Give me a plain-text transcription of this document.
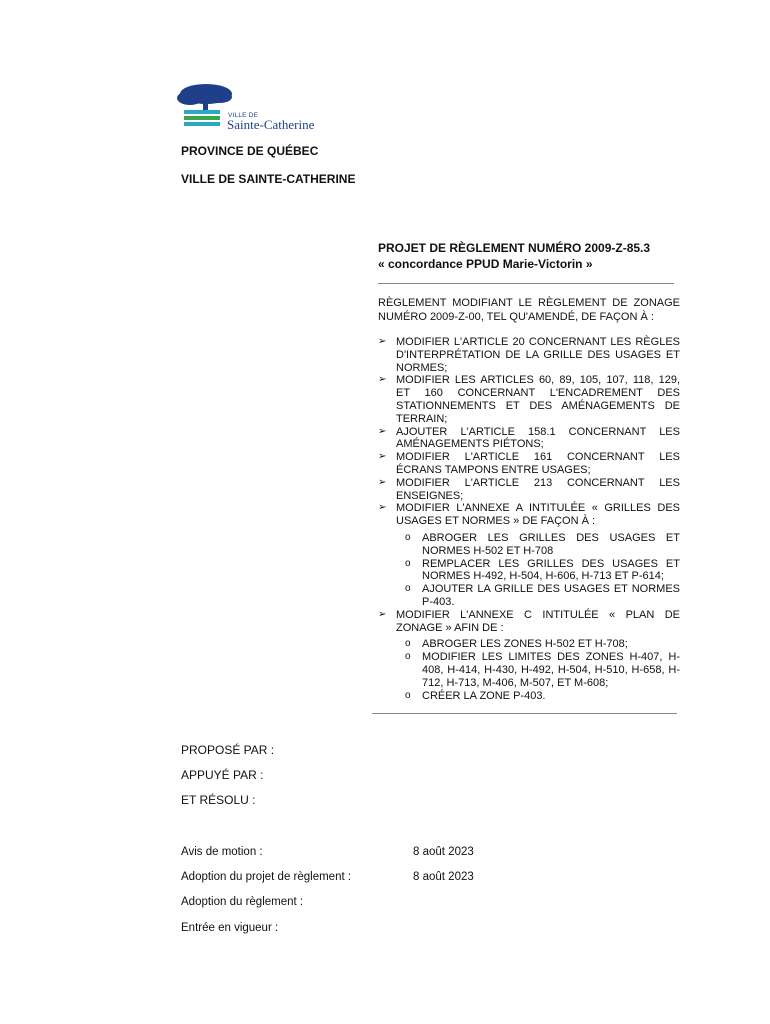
VILLE DE
Sainte-Catherine
PROVINCE DE QUÉBEC
VILLE DE SAINTE-CATHERINE
PROJET DE RÈGLEMENT NUMÉRO 2009-Z-85.3
« concordance PPUD Marie-Victorin »
RÈGLEMENT MODIFIANT LE RÈGLEMENT DE ZONAGE NUMÉRO 2009-Z-00, TEL QU'AMENDÉ, DE FAÇON À :
➢ MODIFIER L'ARTICLE 20 CONCERNANT LES RÈGLES D'INTERPRÉTATION DE LA GRILLE DES USAGES ET NORMES;
➢ MODIFIER LES ARTICLES 60, 89, 105, 107, 118, 129, ET 160 CONCERNANT L'ENCADREMENT DES STATIONNEMENTS ET DES AMÉNAGEMENTS DE TERRAIN;
➢ AJOUTER L'ARTICLE 158.1 CONCERNANT LES AMÉNAGEMENTS PIÉTONS;
➢ MODIFIER L'ARTICLE 161 CONCERNANT LES ÉCRANS TAMPONS ENTRE USAGES;
➢ MODIFIER L'ARTICLE 213 CONCERNANT LES ENSEIGNES;
➢ MODIFIER L'ANNEXE A INTITULÉE « GRILLES DES USAGES ET NORMES » DE FAÇON À :
o ABROGER LES GRILLES DES USAGES ET NORMES H-502 ET H-708
o REMPLACER LES GRILLES DES USAGES ET NORMES H-492, H-504, H-606, H-713 ET P-614;
o AJOUTER LA GRILLE DES USAGES ET NORMES P-403.
➢ MODIFIER L'ANNEXE C INTITULÉE « PLAN DE ZONAGE » AFIN DE :
o ABROGER LES ZONES H-502 ET H-708;
o MODIFIER LES LIMITES DES ZONES H-407, H-408, H-414, H-430, H-492, H-504, H-510, H-658, H-712, H-713, M-406, M-507, ET M-608;
o CRÉER LA ZONE P-403.
PROPOSÉ PAR :
APPUYÉ PAR :
ET RÉSOLU :
Avis de motion :	8 août 2023
Adoption du projet de règlement :	8 août 2023
Adoption du règlement :
Entrée en vigueur :
